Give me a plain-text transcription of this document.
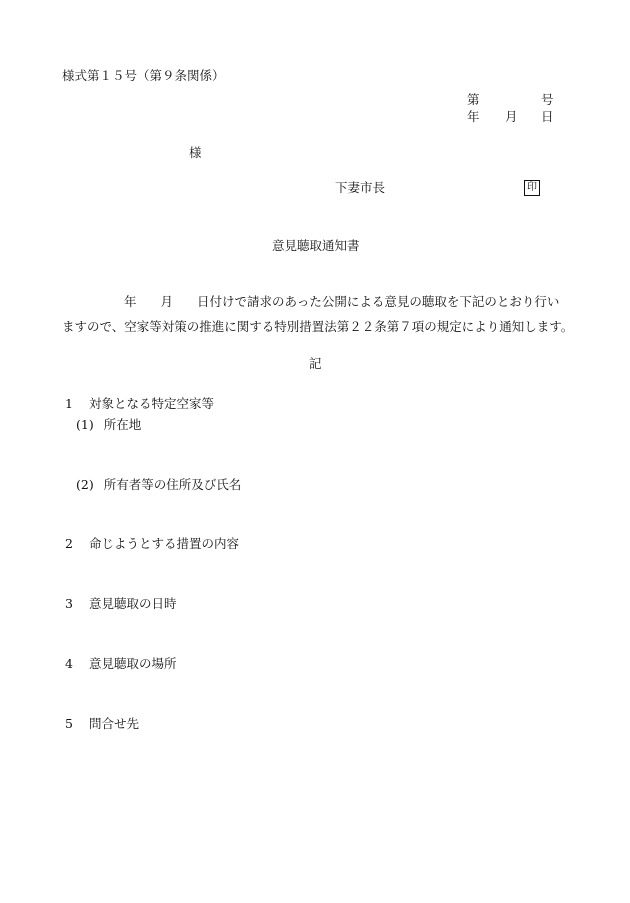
様式第１５号（第９条関係）
第	号
年 月 日
様
下妻市長	印
意見聴取通知書
年 月 日付けで請求のあった公開による意見の聴取を下記のとおり行い
ますので、空家等対策の推進に関する特別措置法第２２条第７項の規定により通知します。
記
1 対象となる特定空家等
(1) 所在地
(2) 所有者等の住所及び氏名
2 命じようとする措置の内容
3 意見聴取の日時
4 意見聴取の場所
5 問合せ先
